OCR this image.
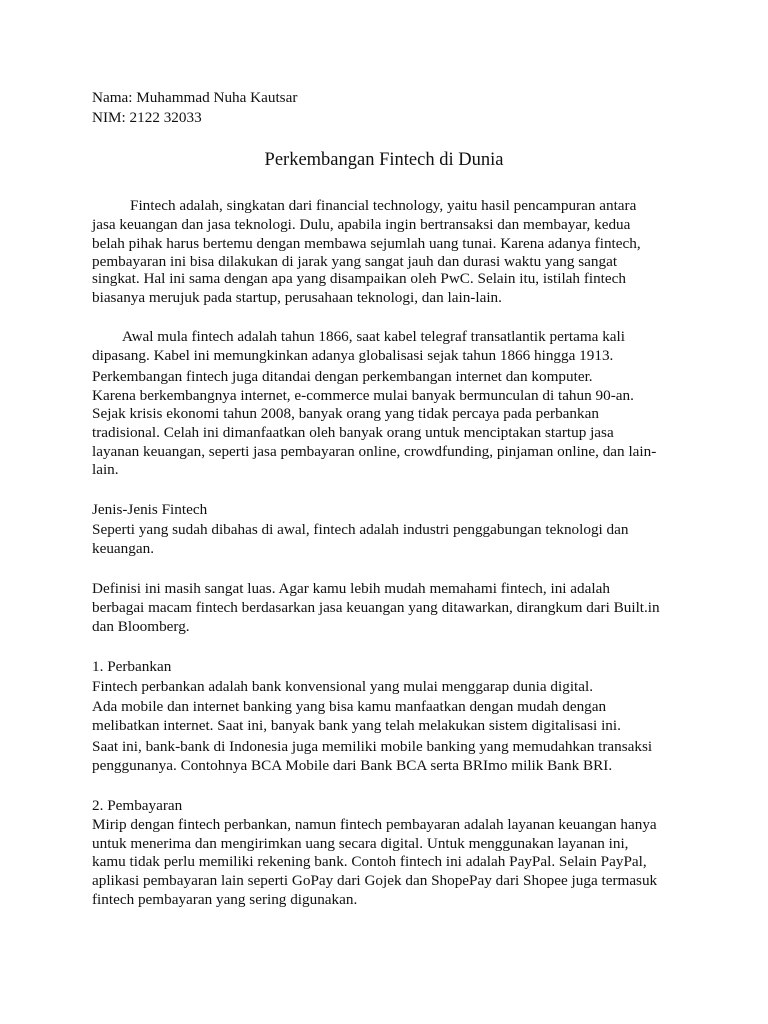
Nama: Muhammad Nuha Kautsar
NIM: 2122 32033
Perkembangan Fintech di Dunia
Fintech adalah, singkatan dari financial technology, yaitu hasil pencampuran antara
jasa keuangan dan jasa teknologi. Dulu, apabila ingin bertransaksi dan membayar, kedua
belah pihak harus bertemu dengan membawa sejumlah uang tunai. Karena adanya fintech,
pembayaran ini bisa dilakukan di jarak yang sangat jauh dan durasi waktu yang sangat
singkat. Hal ini sama dengan apa yang disampaikan oleh PwC. Selain itu, istilah fintech
biasanya merujuk pada startup, perusahaan teknologi, dan lain-lain.
Awal mula fintech adalah tahun 1866, saat kabel telegraf transatlantik pertama kali
dipasang. Kabel ini memungkinkan adanya globalisasi sejak tahun 1866 hingga 1913.
Perkembangan fintech juga ditandai dengan perkembangan internet dan komputer.
Karena berkembangnya internet, e-commerce mulai banyak bermunculan di tahun 90-an.
Sejak krisis ekonomi tahun 2008, banyak orang yang tidak percaya pada perbankan
tradisional. Celah ini dimanfaatkan oleh banyak orang untuk menciptakan startup jasa
layanan keuangan, seperti jasa pembayaran online, crowdfunding, pinjaman online, dan lain-
lain.
Jenis-Jenis Fintech
Seperti yang sudah dibahas di awal, fintech adalah industri penggabungan teknologi dan
keuangan.
Definisi ini masih sangat luas. Agar kamu lebih mudah memahami fintech, ini adalah
berbagai macam fintech berdasarkan jasa keuangan yang ditawarkan, dirangkum dari Built.in
dan Bloomberg.
1. Perbankan
Fintech perbankan adalah bank konvensional yang mulai menggarap dunia digital.
Ada mobile dan internet banking yang bisa kamu manfaatkan dengan mudah dengan
melibatkan internet. Saat ini, banyak bank yang telah melakukan sistem digitalisasi ini.
Saat ini, bank-bank di Indonesia juga memiliki mobile banking yang memudahkan transaksi
penggunanya. Contohnya BCA Mobile dari Bank BCA serta BRImo milik Bank BRI.
2. Pembayaran
Mirip dengan fintech perbankan, namun fintech pembayaran adalah layanan keuangan hanya
untuk menerima dan mengirimkan uang secara digital. Untuk menggunakan layanan ini,
kamu tidak perlu memiliki rekening bank. Contoh fintech ini adalah PayPal. Selain PayPal,
aplikasi pembayaran lain seperti GoPay dari Gojek dan ShopePay dari Shopee juga termasuk
fintech pembayaran yang sering digunakan.
